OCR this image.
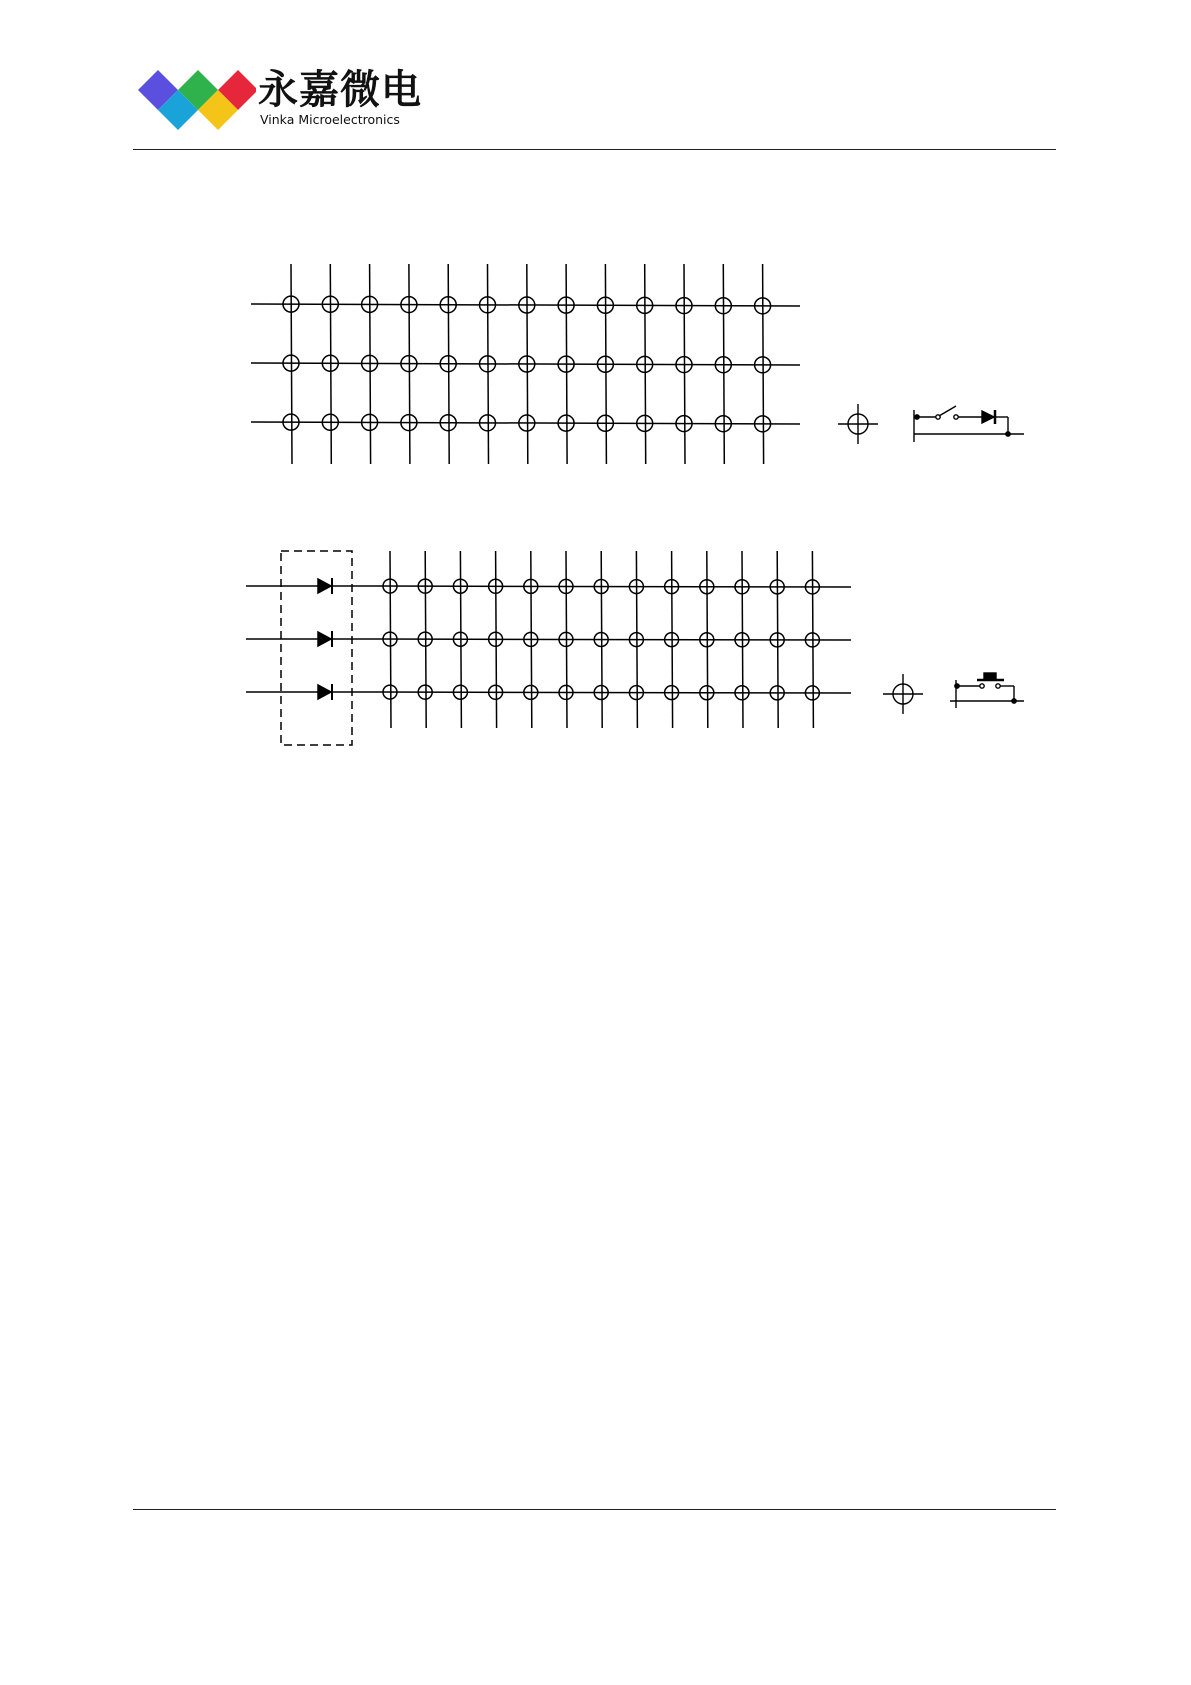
永嘉微电
Vinka Microelectronics
